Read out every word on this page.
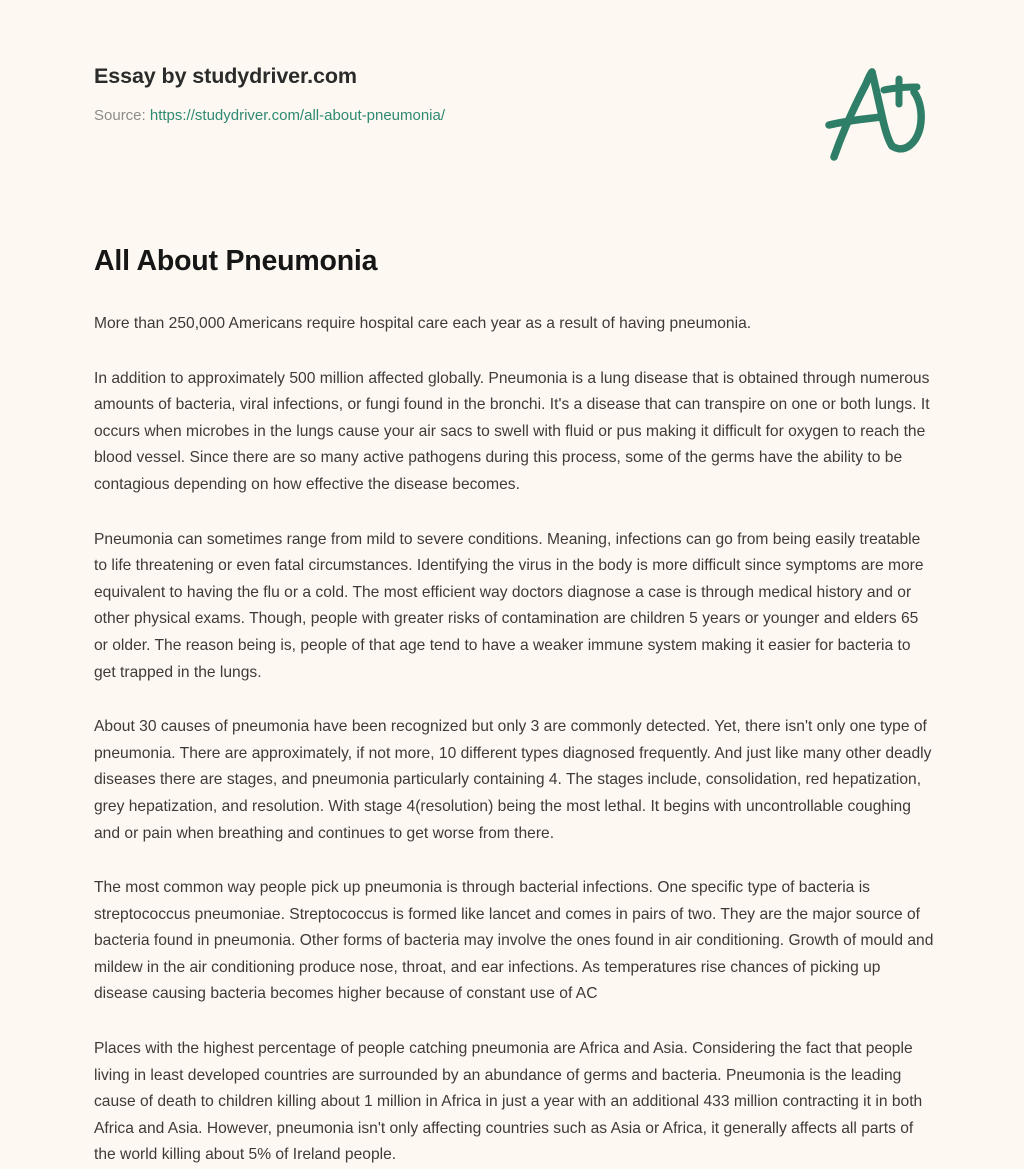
Essay by studydriver.com
Source: https://studydriver.com/all-about-pneumonia/
All About Pneumonia

More than 250,000 Americans require hospital care each year as a result of having pneumonia.

In addition to approximately 500 million affected globally. Pneumonia is a lung disease that is obtained through numerous amounts of bacteria, viral infections, or fungi found in the bronchi. It's a disease that can transpire on one or both lungs. It occurs when microbes in the lungs cause your air sacs to swell with fluid or pus making it difficult for oxygen to reach the blood vessel. Since there are so many active pathogens during this process, some of the germs have the ability to be contagious depending on how effective the disease becomes.

Pneumonia can sometimes range from mild to severe conditions. Meaning, infections can go from being easily treatable to life threatening or even fatal circumstances. Identifying the virus in the body is more difficult since symptoms are more equivalent to having the flu or a cold. The most efficient way doctors diagnose a case is through medical history and or other physical exams. Though, people with greater risks of contamination are children 5 years or younger and elders 65 or older. The reason being is, people of that age tend to have a weaker immune system making it easier for bacteria to get trapped in the lungs.

About 30 causes of pneumonia have been recognized but only 3 are commonly detected. Yet, there isn't only one type of pneumonia. There are approximately, if not more, 10 different types diagnosed frequently. And just like many other deadly diseases there are stages, and pneumonia particularly containing 4. The stages include, consolidation, red hepatization, grey hepatization, and resolution. With stage 4(resolution) being the most lethal. It begins with uncontrollable coughing and or pain when breathing and continues to get worse from there.

The most common way people pick up pneumonia is through bacterial infections. One specific type of bacteria is streptococcus pneumoniae. Streptococcus is formed like lancet and comes in pairs of two. They are the major source of bacteria found in pneumonia. Other forms of bacteria may involve the ones found in air conditioning. Growth of mould and mildew in the air conditioning produce nose, throat, and ear infections. As temperatures rise chances of picking up disease causing bacteria becomes higher because of constant use of AC

Places with the highest percentage of people catching pneumonia are Africa and Asia. Considering the fact that people living in least developed countries are surrounded by an abundance of germs and bacteria. Pneumonia is the leading cause of death to children killing about 1 million in Africa in just a year with an additional 433 million contracting it in both Africa and Asia. However, pneumonia isn't only affecting countries such as Asia or Africa, it generally affects all parts of the world killing about 5% of Ireland people.
